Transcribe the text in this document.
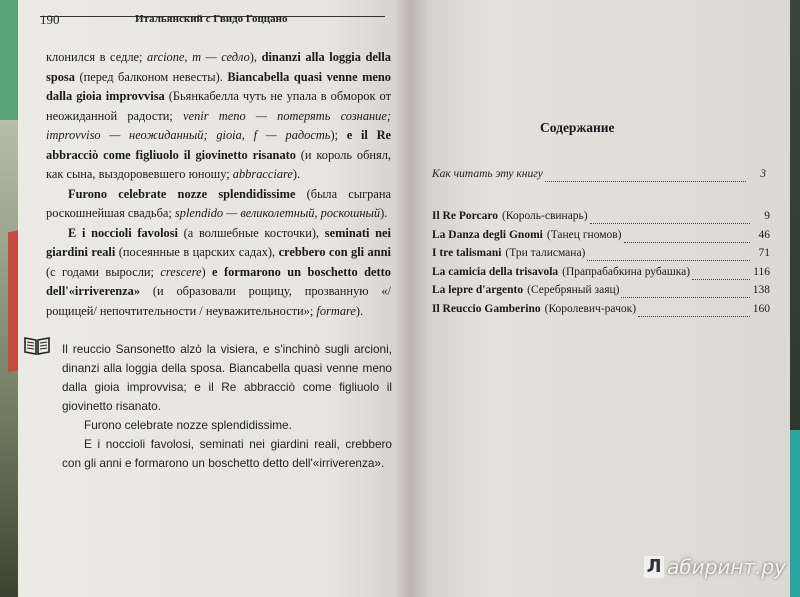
190	Итальянский с Гвидо Гоццано

клонился в седле; arcione, m — седло), dinanzi alla loggia della sposa (перед балконом невесты). Biancabella quasi venne meno dalla gioia improvvisa (Бьянкабелла чуть не упала в обморок от неожиданной радости; venir meno — потерять сознание; improvviso — неожиданный; gioia, f — радость); e il Re abbracciò come figliuolo il giovinetto risanato (и король обнял, как сына, выздоровевшего юношу; abbracciare).

Furono celebrate nozze splendidissime (была сыграна роскошнейшая свадьба; splendido — великолетный, роскошный).

E i noccioli favolosi (а волшебные косточки), seminati nei giardini reali (посеянные в царских садах), crebbero con gli anni (с годами выросли; crescere) e formarono un boschetto detto dell'«irriverenza» (и образовали рощицу, прозванную «/рощицей/ непочтительности / неуважительности»; formare).

Il reuccio Sansonetto alzò la visiera, e s'inchinò sugli arcioni, dinanzi alla loggia della sposa. Biancabella quasi venne meno dalla gioia improvvisa; e il Re abbracciò come figliuolo il giovinetto risanato.

Furono celebrate nozze splendidissime.

E i noccioli favolosi, seminati nei giardini reali, crebbero con gli anni e formarono un boschetto detto dell'«irriverenza».

Содержание
Как читать эту книгу	3
Il Re Porcaro (Король-свинарь)	9
La Danza degli Gnomi (Танец гномов)	46
I tre talismani (Три талисмана)	71
La camicia della trisavola (Прапрабабкина рубашка)	116
La lepre d'argento (Серебряный заяц)	138
Il Reuccio Gamberino (Королевич-рачок)	160
Л абиринт.ру
